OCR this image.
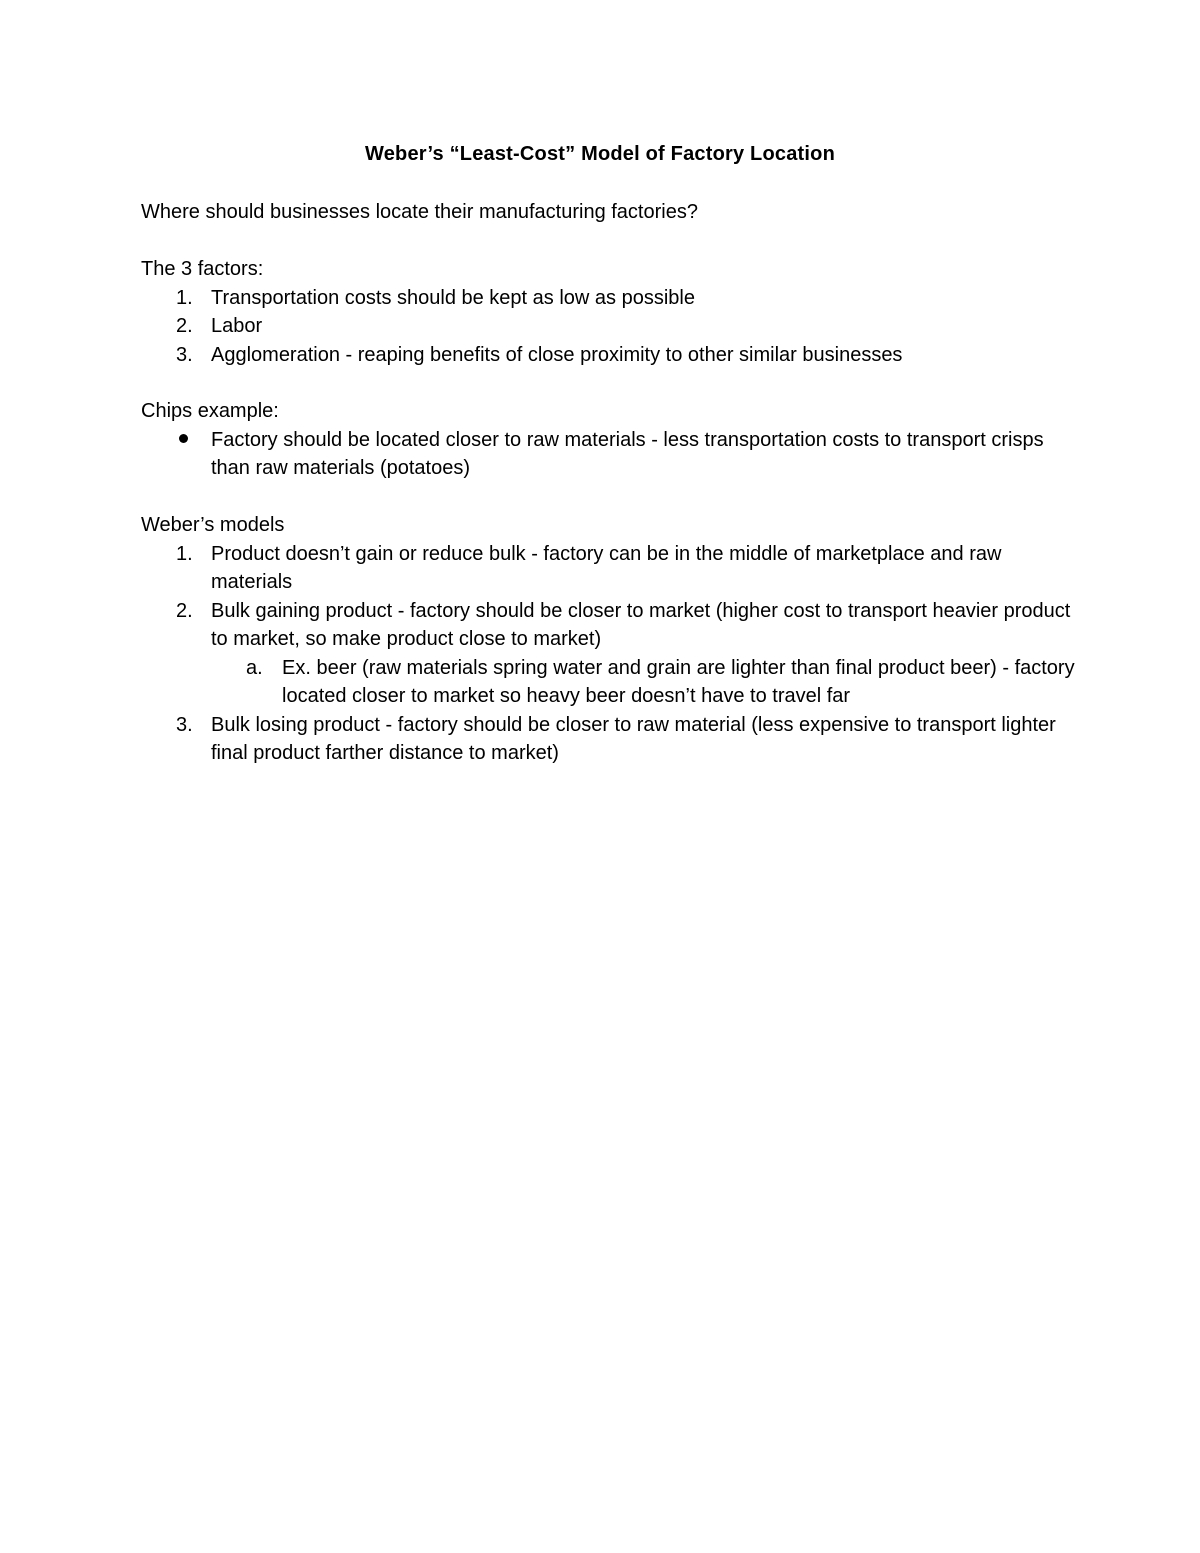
Weber’s “Least-Cost” Model of Factory Location

Where should businesses locate their manufacturing factories?

The 3 factors:

1. Transportation costs should be kept as low as possible
2. Labor
3. Agglomeration - reaping benefits of close proximity to other similar businesses

Chips example:

Factory should be located closer to raw materials - less transportation costs to transport crisps than raw materials (potatoes)

Weber’s models

1. Product doesn’t gain or reduce bulk - factory can be in the middle of marketplace and raw materials
2. Bulk gaining product - factory should be closer to market (higher cost to transport heavier product to market, so make product close to market)
a. Ex. beer (raw materials spring water and grain are lighter than final product beer) - factory located closer to market so heavy beer doesn’t have to travel far
3. Bulk losing product - factory should be closer to raw material (less expensive to transport lighter final product farther distance to market)
